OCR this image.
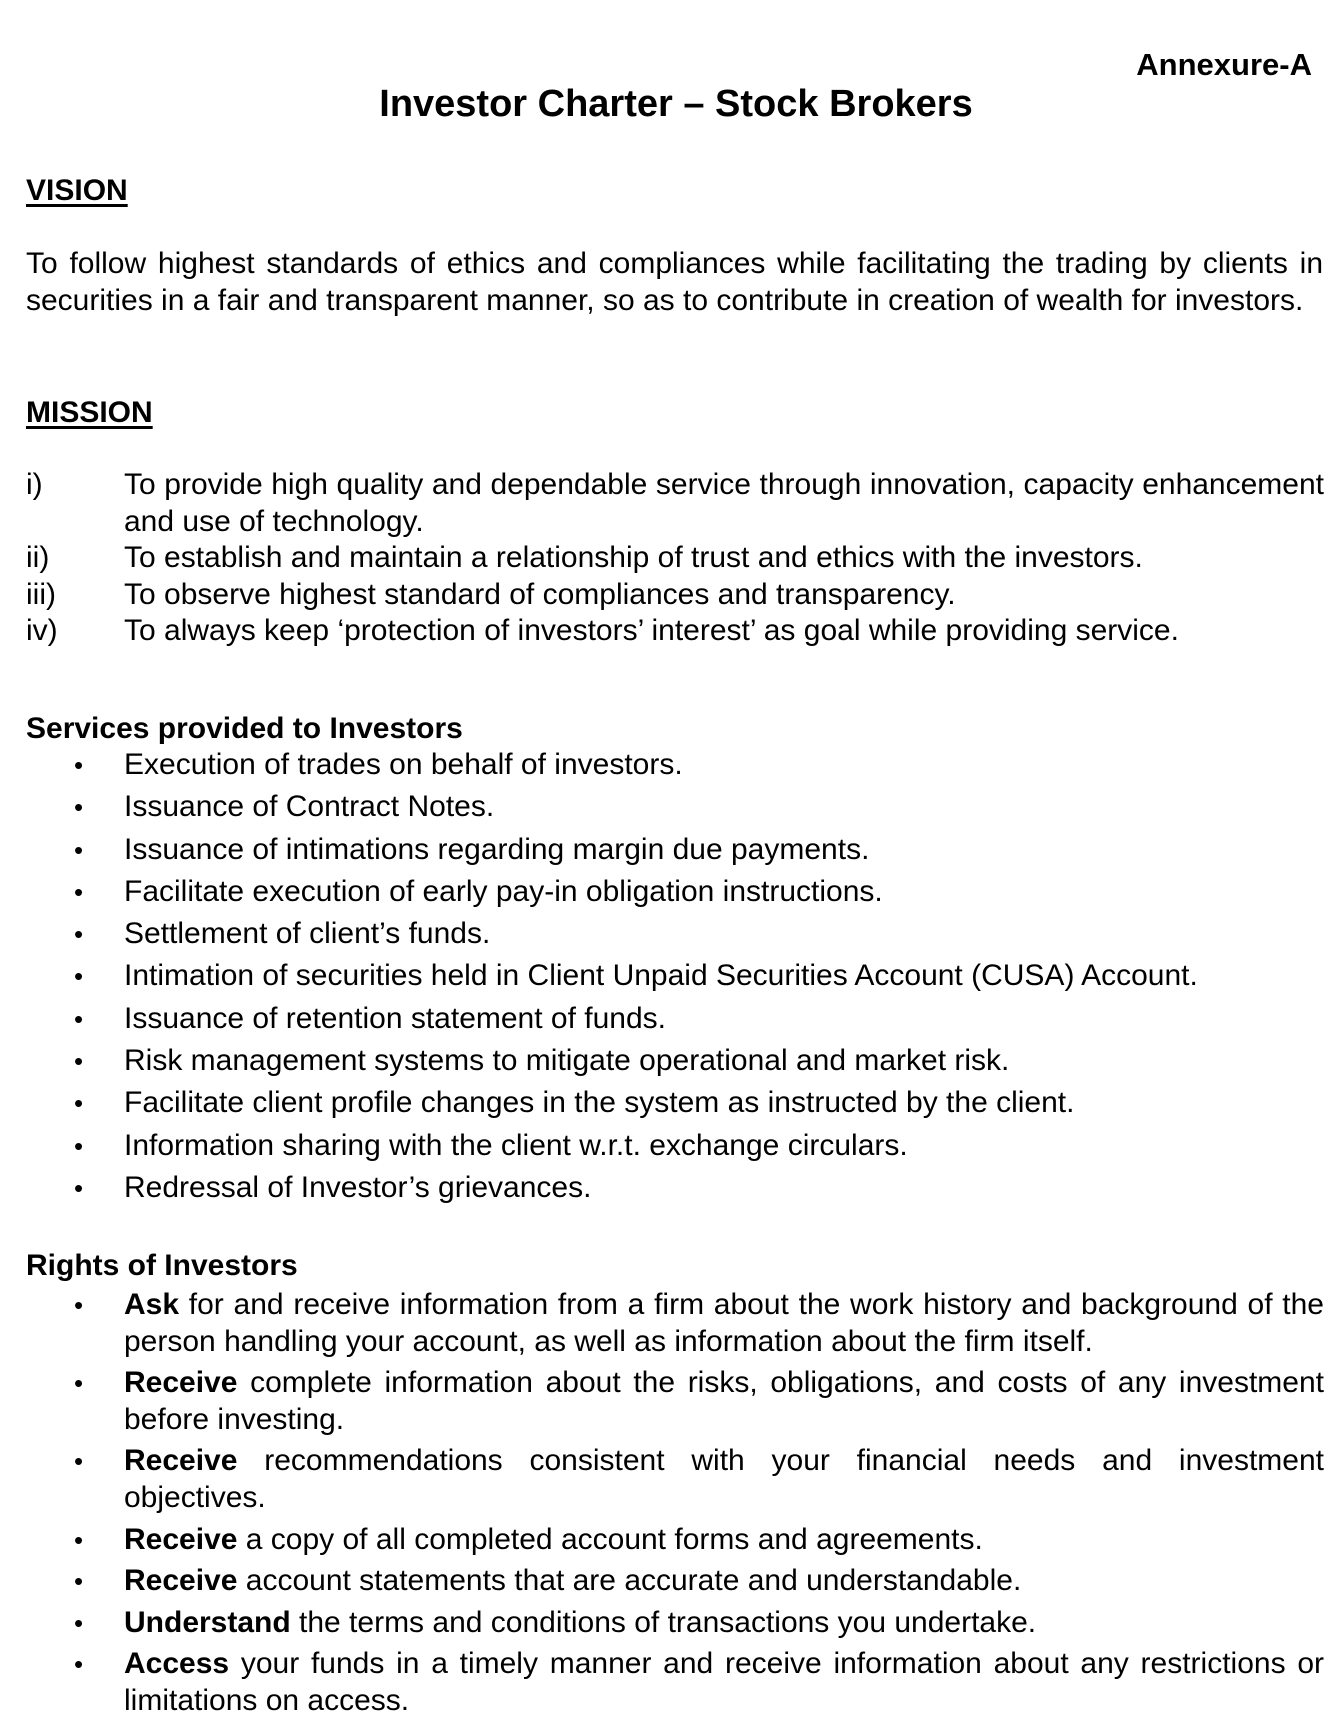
Annexure-A
Investor Charter – Stock Brokers
VISION
To follow highest standards of ethics and compliances while facilitating the trading by clients in securities in a fair and transparent manner, so as to contribute in creation of wealth for investors.
MISSION
i)	To provide high quality and dependable service through innovation, capacity enhancement and use of technology.
ii) To establish and maintain a relationship of trust and ethics with the investors.
iii) To observe highest standard of compliances and transparency.
iv) To always keep ‘protection of investors’ interest’ as goal while providing service.
Services provided to Investors
• Execution of trades on behalf of investors.
• Issuance of Contract Notes.
• Issuance of intimations regarding margin due payments.
• Facilitate execution of early pay-in obligation instructions.
• Settlement of client’s funds.
• Intimation of securities held in Client Unpaid Securities Account (CUSA) Account.
• Issuance of retention statement of funds.
• Risk management systems to mitigate operational and market risk.
• Facilitate client profile changes in the system as instructed by the client.
• Information sharing with the client w.r.t. exchange circulars.
• Redressal of Investor’s grievances.
Rights of Investors
• Ask for and receive information from a firm about the work history and background of the person handling your account, as well as information about the firm itself.
• Receive complete information about the risks, obligations, and costs of any investment before investing.
• Receive recommendations consistent with your financial needs and investment objectives.
• Receive a copy of all completed account forms and agreements.
• Receive account statements that are accurate and understandable.
• Understand the terms and conditions of transactions you undertake.
• Access your funds in a timely manner and receive information about any restrictions or limitations on access.
